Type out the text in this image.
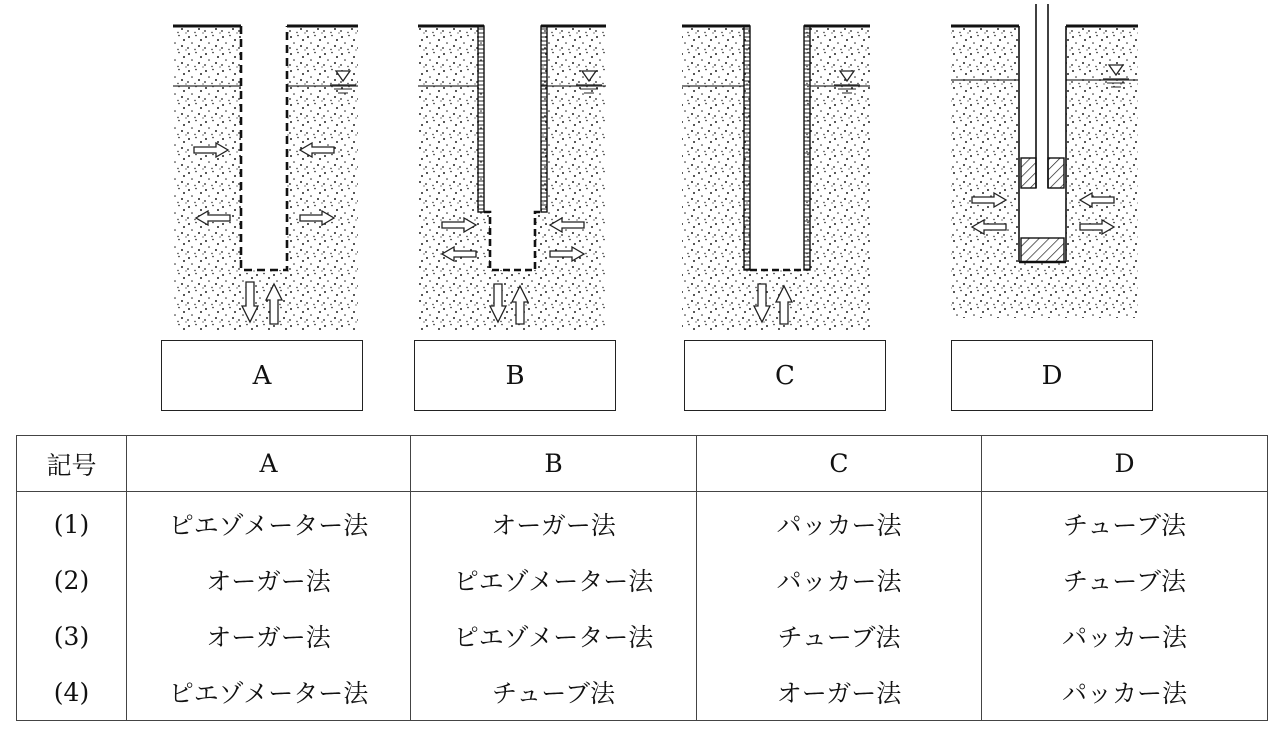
A	B	C	D
記号	A	B	C	D
(1)	ピエゾメーター法	オーガー法	パッカー法	チューブ法
(2)	オーガー法	ピエゾメーター法	パッカー法	チューブ法
(3)	オーガー法	ピエゾメーター法	チューブ法	パッカー法
(4)	ピエゾメーター法	チューブ法	オーガー法	パッカー法
